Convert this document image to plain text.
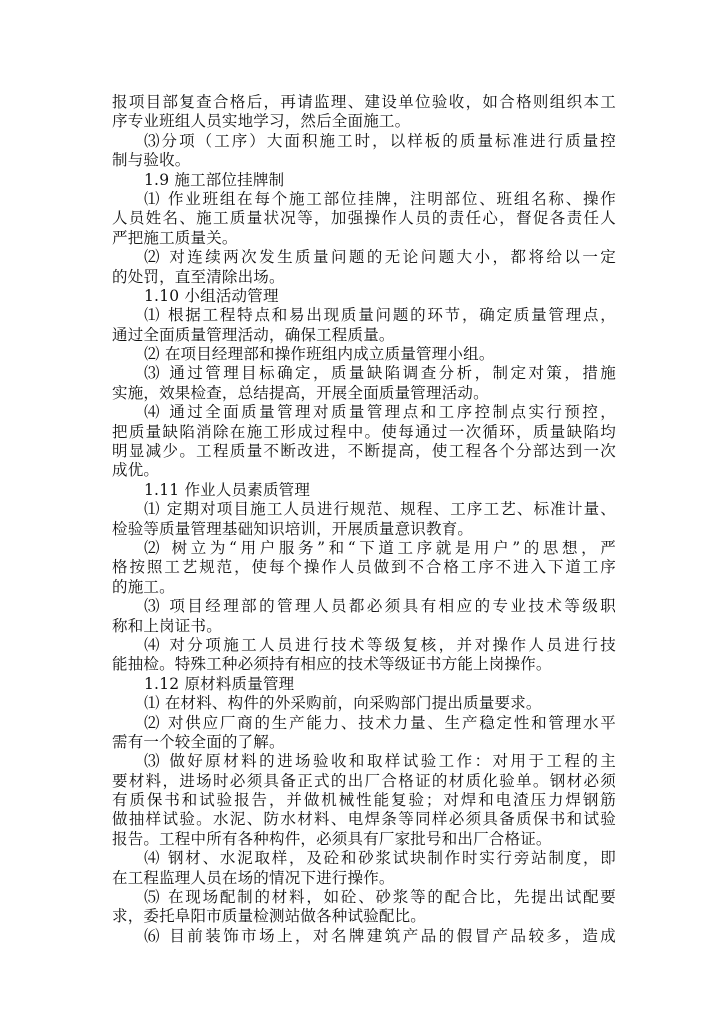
报项目部复查合格后，再请监理、建设单位验收，如合格则组织本工
序专业班组人员实地学习，然后全面施工。
⑶分项（工序）大面积施工时，以样板的质量标准进行质量控
制与验收。
1.9 施工部位挂牌制
⑴ 作业班组在每个施工部位挂牌，注明部位、班组名称、操作
人员姓名、施工质量状况等，加强操作人员的责任心，督促各责任人
严把施工质量关。
⑵ 对连续两次发生质量问题的无论问题大小，都将给以一定
的处罚，直至清除出场。
1.10 小组活动管理
⑴ 根据工程特点和易出现质量问题的环节，确定质量管理点，
通过全面质量管理活动，确保工程质量。
⑵ 在项目经理部和操作班组内成立质量管理小组。
⑶ 通过管理目标确定，质量缺陷调查分析，制定对策，措施
实施，效果检查，总结提高，开展全面质量管理活动。
⑷ 通过全面质量管理对质量管理点和工序控制点实行预控，
把质量缺陷消除在施工形成过程中。使每通过一次循环，质量缺陷均
明显减少。工程质量不断改进，不断提高，使工程各个分部达到一次
成优。
1.11 作业人员素质管理
⑴ 定期对项目施工人员进行规范、规程、工序工艺、标准计量、
检验等质量管理基础知识培训，开展质量意识教育。
⑵ 树立为“用户服务”和“下道工序就是用户”的思想，严
格按照工艺规范，使每个操作人员做到不合格工序不进入下道工序
的施工。
⑶ 项目经理部的管理人员都必须具有相应的专业技术等级职
称和上岗证书。
⑷ 对分项施工人员进行技术等级复核，并对操作人员进行技
能抽检。特殊工种必须持有相应的技术等级证书方能上岗操作。
1.12 原材料质量管理
⑴ 在材料、构件的外采购前，向采购部门提出质量要求。
⑵ 对供应厂商的生产能力、技术力量、生产稳定性和管理水平
需有一个较全面的了解。
⑶ 做好原材料的进场验收和取样试验工作：对用于工程的主
要材料，进场时必须具备正式的出厂合格证的材质化验单。钢材必须
有质保书和试验报告，并做机械性能复验；对焊和电渣压力焊钢筋
做抽样试验。水泥、防水材料、电焊条等同样必须具备质保书和试验
报告。工程中所有各种构件，必须具有厂家批号和出厂合格证。
⑷ 钢材、水泥取样，及砼和砂浆试块制作时实行旁站制度，即
在工程监理人员在场的情况下进行操作。
⑸ 在现场配制的材料，如砼、砂浆等的配合比，先提出试配要
求，委托阜阳市质量检测站做各种试验配比。
⑹ 目前装饰市场上，对名牌建筑产品的假冒产品较多，造成
